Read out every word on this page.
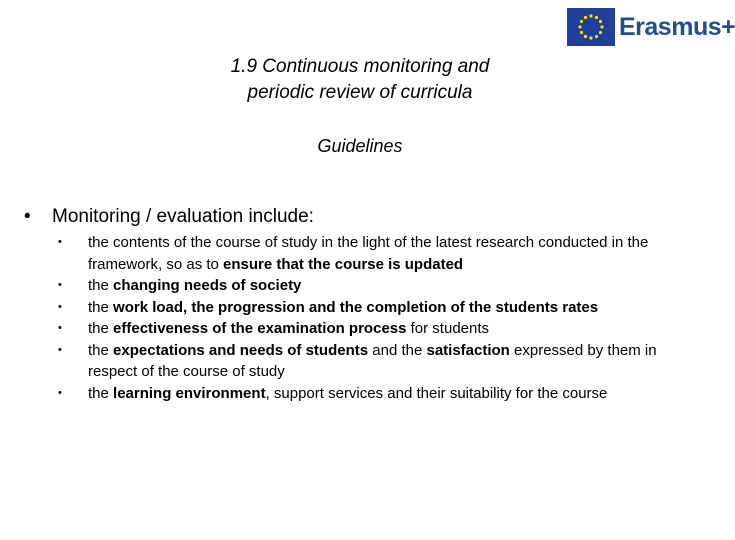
Erasmus+
1.9 Continuous monitoring and
periodic review of curricula
Guidelines
• Monitoring / evaluation include:
• the contents of the course of study in the light of the latest research conducted in the framework, so as to ensure that the course is updated
• the changing needs of society
• the work load, the progression and the completion of the students rates
• the effectiveness of the examination process for students
• the expectations and needs of students and the satisfaction expressed by them in respect of the course of study
• the learning environment, support services and their suitability for the course
